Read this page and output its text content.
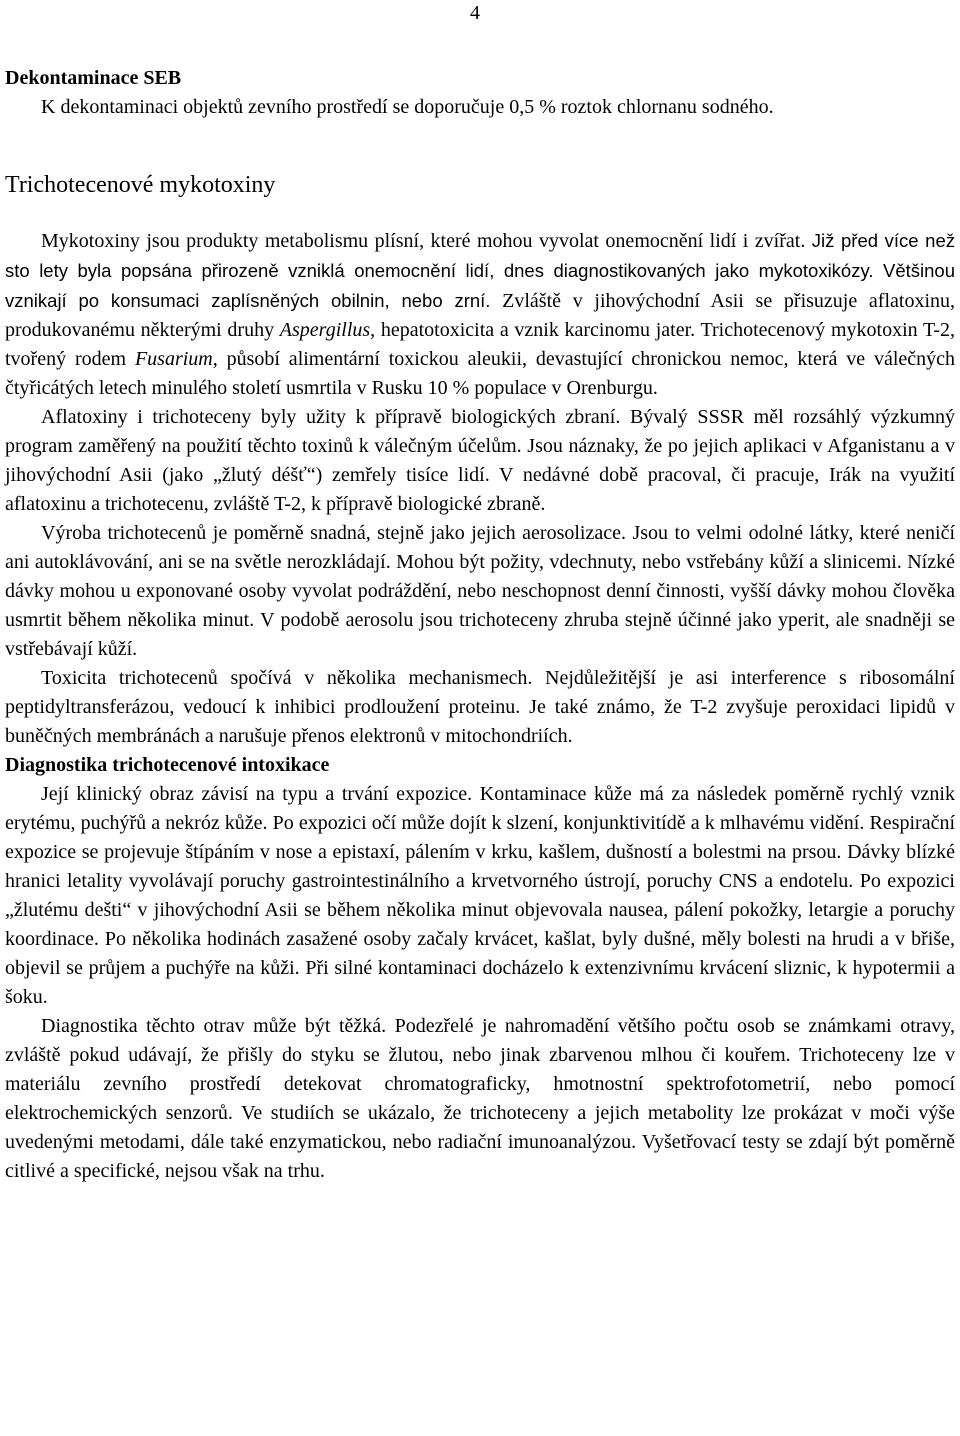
4
Dekontaminace SEB

K dekontaminaci objektů zevního prostředí se doporučuje 0,5 % roztok chlornanu sodného.

Trichotecenové mykotoxiny

Mykotoxiny jsou produkty metabolismu plísní, které mohou vyvolat onemocnění lidí i zvířat. Již před více než sto lety byla popsána přirozeně vzniklá onemocnění lidí, dnes diagnostikovaných jako mykotoxikózy. Většinou vznikají po konsumaci zaplísněných obilnin, nebo zrní. Zvláště v jihovýchodní Asii se přisuzuje aflatoxinu, produkovanému některými druhy Aspergillus, hepatotoxicita a vznik karcinomu jater. Trichotecenový mykotoxin T-2, tvořený rodem Fusarium, působí alimentární toxickou aleukii, devastující chronickou nemoc, která ve válečných čtyřicátých letech minulého století usmrtila v Rusku 10 % populace v Orenburgu.

Aflatoxiny i trichoteceny byly užity k přípravě biologických zbraní. Bývalý SSSR měl rozsáhlý výzkumný program zaměřený na použití těchto toxinů k válečným účelům. Jsou náznaky, že po jejich aplikaci v Afganistanu a v jihovýchodní Asii (jako „žlutý déšť“) zemřely tisíce lidí. V nedávné době pracoval, či pracuje, Irák na využití aflatoxinu a trichotecenu, zvláště T-2, k přípravě biologické zbraně.

Výroba trichotecenů je poměrně snadná, stejně jako jejich aerosolizace. Jsou to velmi odolné látky, které neničí ani autoklávování, ani se na světle nerozkládají. Mohou být požity, vdechnuty, nebo vstřebány kůží a slinicemi. Nízké dávky mohou u exponované osoby vyvolat podráždění, nebo neschopnost denní činnosti, vyšší dávky mohou člověka usmrtit během několika minut. V podobě aerosolu jsou trichoteceny zhruba stejně účinné jako yperit, ale snadněji se vstřebávají kůží.

Toxicita trichotecenů spočívá v několika mechanismech. Nejdůležitější je asi interference s ribosomální peptidyltransferázou, vedoucí k inhibici prodloužení proteinu. Je také známo, že T-2 zvyšuje peroxidaci lipidů v buněčných membránách a narušuje přenos elektronů v mitochondriích.

Diagnostika trichotecenové intoxikace

Její klinický obraz závisí na typu a trvání expozice. Kontaminace kůže má za následek poměrně rychlý vznik erytému, puchýřů a nekróz kůže. Po expozici očí může dojít k slzení, konjunktivitídě a k mlhavému vidění. Respirační expozice se projevuje štípáním v nose a epistaxí, pálením v krku, kašlem, dušností a bolestmi na prsou. Dávky blízké hranici letality vyvolávají poruchy gastrointestinálního a krvetvorného ústrojí, poruchy CNS a endotelu. Po expozici „žlutému dešti“ v jihovýchodní Asii se během několika minut objevovala nausea, pálení pokožky, letargie a poruchy koordinace. Po několika hodinách zasažené osoby začaly krvácet, kašlat, byly dušné, měly bolesti na hrudi a v břiše, objevil se průjem a puchýře na kůži. Při silné kontaminaci docházelo k extenzivnímu krvácení sliznic, k hypotermii a šoku.

Diagnostika těchto otrav může být těžká. Podezřelé je nahromadění většího počtu osob se známkami otravy, zvláště pokud udávají, že přišly do styku se žlutou, nebo jinak zbarvenou mlhou či kouřem. Trichoteceny lze v materiálu zevního prostředí detekovat chromatograficky, hmotnostní spektrofotometrií, nebo pomocí elektrochemických senzorů. Ve studiích se ukázalo, že trichoteceny a jejich metabolity lze prokázat v moči výše uvedenými metodami, dále také enzymatickou, nebo radiační imunoanalýzou. Vyšetřovací testy se zdají být poměrně citlivé a specifické, nejsou však na trhu.
